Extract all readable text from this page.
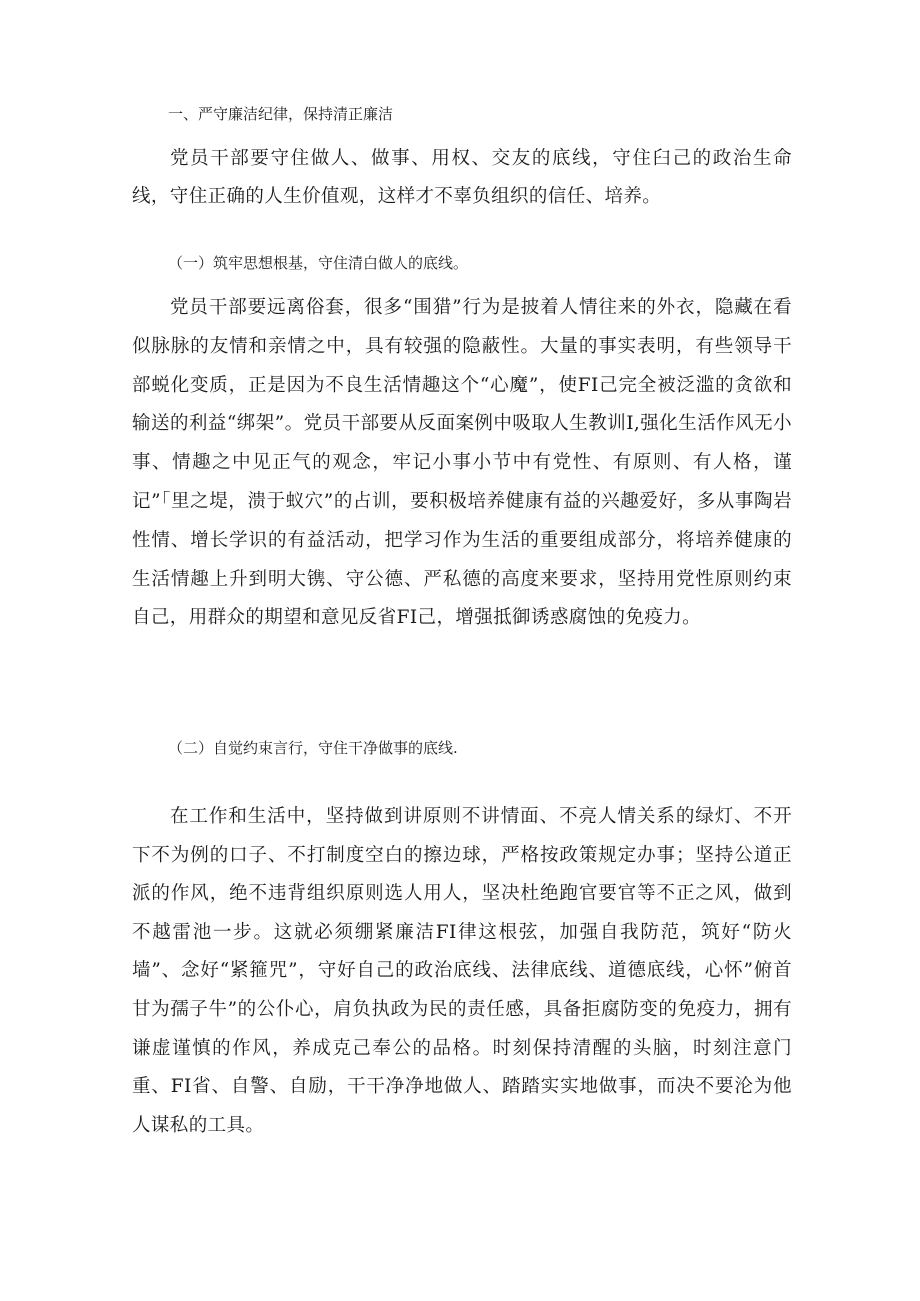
一、严守廉洁纪律，保持清正廉洁

党员干部要守住做人、做事、用权、交友的底线，守住臼己的政治生命线，守住正确的人生价值观，这样才不辜负组织的信任、培养。

（一）筑牢思想根基，守住清白做人的底线。

党员干部要远离俗套，很多“围猎”行为是披着人情往来的外衣，隐藏在看似脉脉的友情和亲情之中，具有较强的隐蔽性。大量的事实表明，有些领导干部蜕化变质，正是因为不良生活情趣这个“心魔”，使FI己完全被泛滥的贪欲和输送的利益“绑架”。党员干部要从反面案例中吸取人生教训I,强化生活作风无小事、情趣之中见正气的观念，牢记小事小节中有党性、有原则、有人格，谨记”「里之堤，溃于蚁穴”的占训，要积极培养健康有益的兴趣爱好，多从事陶岩性情、增长学识的有益活动，把学习作为生活的重要组成部分，将培养健康的生活情趣上升到明大镌、守公德、严私德的高度来要求，坚持用党性原则约束自己，用群众的期望和意见反省FI己，增强抵御诱惑腐蚀的免疫力。

（二）自觉约束言行，守住干净做事的底线.

在工作和生活中，坚持做到讲原则不讲情面、不亮人情关系的绿灯、不开下不为例的口子、不打制度空白的擦边球，严格按政策规定办事；坚持公道正派的作风，绝不违背组织原则选人用人，坚决杜绝跑官要官等不正之风，做到不越雷池一步。这就必须绷紧廉洁FI律这根弦，加强自我防范，筑好“防火墙”、念好“紧箍咒”，守好自己的政治底线、法律底线、道德底线，心怀”俯首甘为孺子牛”的公仆心，肩负执政为民的责任感，具备拒腐防变的免疫力，拥有谦虚谨慎的作风，养成克己奉公的品格。时刻保持清醒的头脑，时刻注意门重、FI省、自警、自励，干干净净地做人、踏踏实实地做事，而决不要沦为他人谋私的工具。
